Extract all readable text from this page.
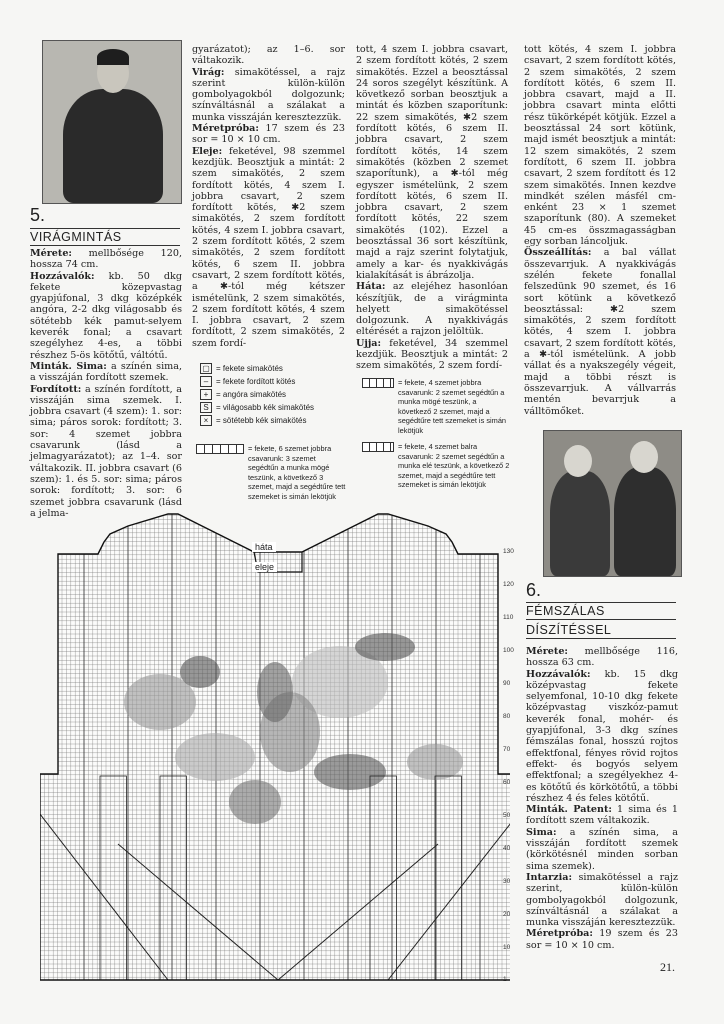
5.
VIRÁGMINTÁS

Mérete: mellbősége 120, hossza 74 cm.

Hozzávalók: kb. 50 dkg fekete közepvastag gyapjúfonal, 3 dkg középkék angóra, 2-2 dkg világosabb és sötétebb kék pamut-selyem keverék fonal; a csavart szegélyhez 4-es, a többi részhez 5-ös kötőtű, váltótű.

Minták. Sima: a színén sima, a visszáján fordított szemek.

Fordított: a színén fordított, a visszáján sima szemek. I. jobbra csavart (4 szem): 1. sor: sima; páros sorok: fordított; 3. sor: 4 szemet jobbra csavarunk (lásd a jelmagyarázatot); az 1–4. sor váltakozik. II. jobbra csavart (6 szem): 1. és 5. sor: sima; páros sorok: fordított; 3. sor: 6 szemet jobbra csavarunk (lásd a jelma-

gyarázatot); az 1–6. sor váltakozik.

Virág: simakötéssel, a rajz szerint külön-külön gombolyagokból dolgozunk; színváltásnál a szálakat a munka visszáján keresztezzük.

Méretpróba: 17 szem és 23 sor = 10 × 10 cm.

Eleje: feketével, 98 szemmel kezdjük. Beosztjuk a mintát: 2 szem simakötés, 2 szem fordított kötés, 4 szem I. jobbra csavart, 2 szem fordított kötés, ✱2 szem simakötés, 2 szem fordított kötés, 4 szem I. jobbra csavart, 2 szem fordított kötés, 2 szem simakötés, 2 szem fordított kötés, 6 szem II. jobbra csavart, 2 szem fordított kötés, a ✱-tól még kétszer ismételünk, 2 szem simakötés, 2 szem fordított kötés, 4 szem I. jobbra csavart, 2 szem fordított, 2 szem simakötés, 2 szem fordí-

tott, 4 szem I. jobbra csavart, 2 szem fordított kötés, 2 szem simakötés. Ezzel a beosztással 24 soros szegélyt készítünk. A következő sorban beosztjuk a mintát és közben szaporítunk: 22 szem simakötés, ✱2 szem fordított kötés, 6 szem II. jobbra csavart, 2 szem fordított kötés, 14 szem simakötés (közben 2 szemet szaporítunk), a ✱-tól még egyszer ismételünk, 2 szem fordított kötés, 6 szem II. jobbra csavart, 2 szem fordított kötés, 22 szem simakötés (102). Ezzel a beosztással 36 sort készítünk, majd a rajz szerint folytatjuk, amely a kar- és nyakkivágás kialakítását is ábrázolja.

Háta: az elejéhez hasonlóan készítjük, de a virágminta helyett simakötéssel dolgozunk. A nyakkivágás eltérését a rajzon jelöltük.

Ujja: feketével, 34 szemmel kezdjük. Beosztjuk a mintát: 2 szem simakötés, 2 szem fordí-

tott kötés, 4 szem I. jobbra csavart, 2 szem fordított kötés, 2 szem simakötés, 2 szem fordított kötés, 6 szem II. jobbra csavart, majd a II. jobbra csavart minta előtti rész tükörképét kötjük. Ezzel a beosztással 24 sort kötünk, majd ismét beosztjuk a mintát: 12 szem simakötés, 2 szem fordított, 6 szem II. jobbra csavart, 2 szem fordított és 12 szem simakötés. Innen kezdve mindkét szélen másfél cm-enként 23 × 1 szemet szaporítunk (80). A szemeket 45 cm-es összmagasságban egy sorban láncoljuk.

Összeállítás: a bal vállat összevarrjuk. A nyakkivágás szélén fekete fonallal felszedünk 90 szemet, és 16 sort kötünk a következő beosztással: ✱2 szem simakötés, 2 szem fordított kötés, 4 szem I. jobbra csavart, 2 szem fordított kötés, a ✱-tól ismételünk. A jobb vállat és a nyakszegély végeit, majd a többi részt is összevarrjuk. A vállvarrás mentén bevarrjuk a válltömőket.

▢ = fekete simakötés
– = fekete fordított kötés
+ = angóra simakötés
S = világosabb kék simakötés
× = sötétebb kék simakötés
= fekete, 6 szemet jobbra csavarunk: 3 szemet segédtűn a munka mögé teszünk, a következő 3 szemet, majd a segédtűre tett szemeket is simán lekötjük
= fekete, 4 szemet jobbra csavarunk: 2 szemet segédtűn a munka mögé teszünk, a következő 2 szemet, majd a segédtűre tett szemeket is simán lekötjük
= fekete, 4 szemet balra csavarunk: 2 szemet segédtűn a munka elé teszünk, a következő 2 szemet, majd a segédtűre tett szemeket is simán lekötjük
háta
eleje
130
120
110
100
90
80
70
60
50
40
30
20
10
1
6.
FÉMSZÁLAS
DÍSZÍTÉSSEL

Mérete: mellbősége 116, hossza 63 cm.

Hozzávalók: kb. 15 dkg középvastag fekete selyemfonal, 10-10 dkg fekete középvastag viszkóz-pamut keverék fonal, mohér- és gyapjúfonal, 3-3 dkg színes fémszálas fonal, hosszú rojtos effektfonal, fényes rövid rojtos effekt- és bogyós selyem effektfonal; a szegélyekhez 4-es kötőtű és körkötőtű, a többi részhez 4 és feles kötőtű.

Minták. Patent: 1 sima és 1 fordított szem váltakozik.

Sima: a színén sima, a visszáján fordított szemek (körkötésnél minden sorban sima szemek).

Intarzia: simakötéssel a rajz szerint, külön-külön gombolyagokból dolgozunk, színváltásnál a szálakat a munka visszáján keresztezzük.

Méretpróba: 19 szem és 23 sor = 10 × 10 cm.

21.
